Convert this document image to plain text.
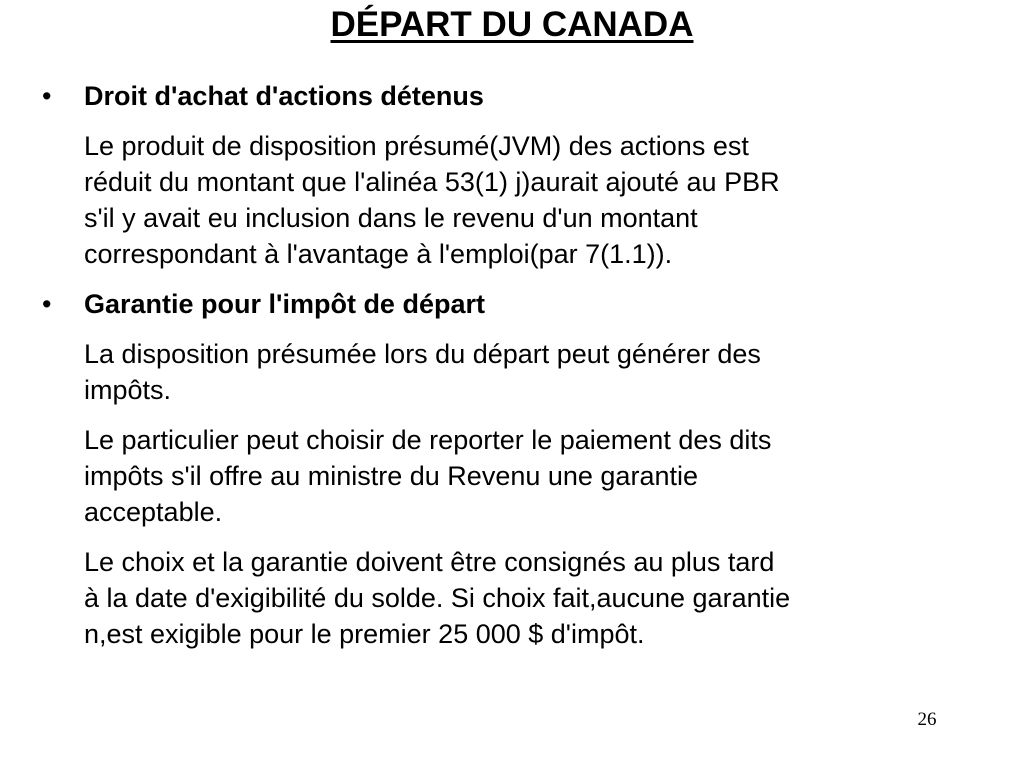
DÉPART DU CANADA
• Droit d'achat d'actions détenus
Le produit de disposition présumé(JVM) des actions est
réduit du montant que l'alinéa 53(1) j)aurait ajouté au PBR
s'il y avait eu inclusion dans le revenu d'un montant
correspondant à l'avantage à l'emploi(par 7(1.1)).
• Garantie pour l'impôt de départ
La disposition présumée lors du départ peut générer des
impôts.
Le particulier peut choisir de reporter le paiement des dits
impôts s'il offre au ministre du Revenu une garantie
acceptable.
Le choix et la garantie doivent être consignés au plus tard
à la date d'exigibilité du solde. Si choix fait,aucune garantie
n,est exigible pour le premier 25 000 $ d'impôt.
26
